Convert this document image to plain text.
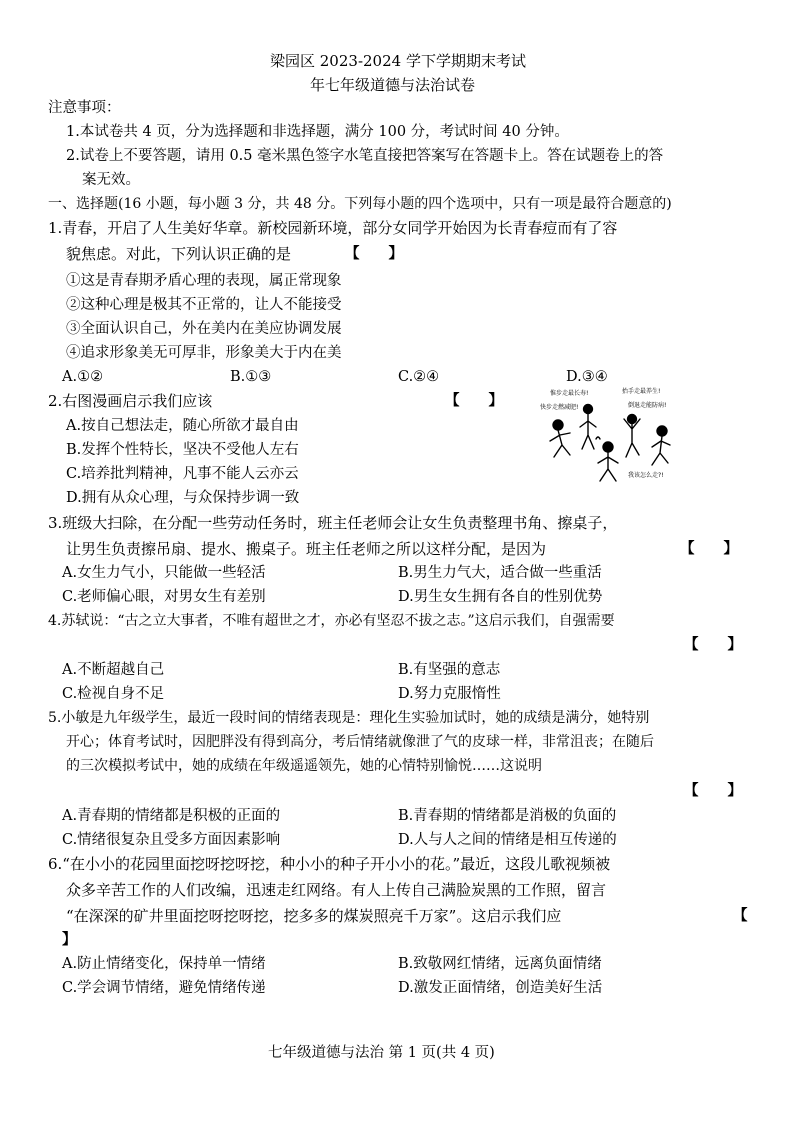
梁园区 2023-2024 学下学期期末考试
年七年级道德与法治试卷
注意事项：
1.本试卷共 4 页，分为选择题和非选择题，满分 100 分，考试时间 40 分钟。
2.试卷上不要答题，请用 0.5 毫米黑色签字水笔直接把答案写在答题卡上。答在试题卷上的答
案无效。
一、选择题(16 小题，每小题 3 分，共 48 分。下列每小题的四个选项中，只有一项是最符合题意的)
1.青春，开启了人生美好华章。新校园新环境，部分女同学开始因为长青春痘而有了容
貌焦虑。对此，下列认识正确的是	【　　】
①这是青春期矛盾心理的表现，属正常现象
②这种心理是极其不正常的，让人不能接受
③全面认识自己，外在美内在美应协调发展
④追求形象美无可厚非，形象美大于内在美
A.①②	B.①③	C.②④	D.③④
2.右图漫画启示我们应该	【　　】
A.按自己想法走，随心所欲才最自由
B.发挥个性特长，坚决不受他人左右
C.培养批判精神，凡事不能人云亦云
D.拥有从众心理，与众保持步调一致
惟步走最长寿!	抬手走最养生!
快步走燃减肥!	倒退走能防病!
我该怎么走?!
3.班级大扫除，在分配一些劳动任务时，班主任老师会让女生负责整理书角、擦桌子，
让男生负责擦吊扇、提水、搬桌子。班主任老师之所以这样分配，是因为	【　　】
A.女生力气小，只能做一些轻活	B.男生力气大，适合做一些重活
C.老师偏心眼，对男女生有差别	D.男生女生拥有各自的性别优势
4.苏轼说：“古之立大事者，不唯有超世之才，亦必有坚忍不拔之志。”这启示我们，自强需要
【　　】
A.不断超越自己	B.有坚强的意志
C.检视自身不足	D.努力克服惰性
5.小敏是九年级学生，最近一段时间的情绪表现是：理化生实验加试时，她的成绩是满分，她特别
开心；体育考试时，因肥胖没有得到高分，考后情绪就像泄了气的皮球一样，非常沮丧；在随后
的三次模拟考试中，她的成绩在年级遥遥领先，她的心情特别愉悦……这说明
【　　】
A.青春期的情绪都是积极的正面的	B.青春期的情绪都是消极的负面的
C.情绪很复杂且受多方面因素影响	D.人与人之间的情绪是相互传递的
6.“在小小的花园里面挖呀挖呀挖，种小小的种子开小小的花。”最近，这段儿歌视频被
众多辛苦工作的人们改编，迅速走红网络。有人上传自己满脸炭黑的工作照，留言
“在深深的矿井里面挖呀挖呀挖，挖多多的煤炭照亮千万家”。这启示我们应	【
】
A.防止情绪变化，保持单一情绪	B.致敬网红情绪，远离负面情绪
C.学会调节情绪，避免情绪传递	D.激发正面情绪，创造美好生活
七年级道德与法治 第 1 页(共 4 页)
